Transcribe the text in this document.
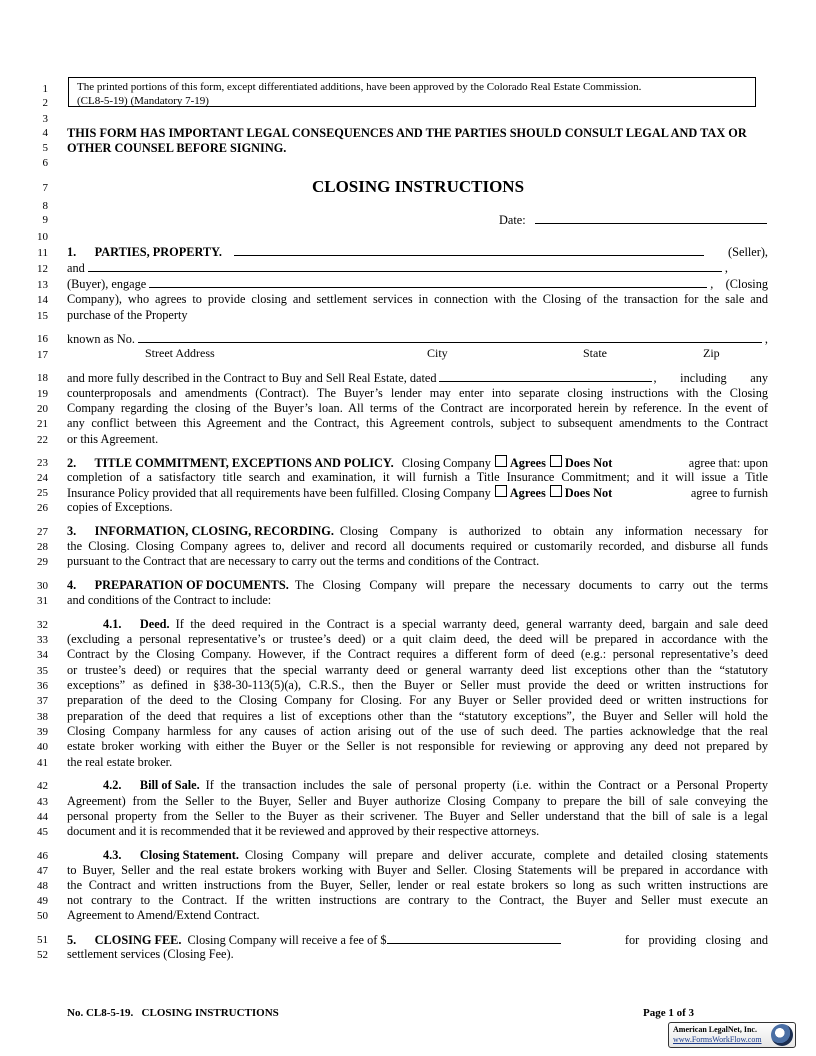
1
2
3
4
5
6
7
8
9
10
11
12
13
14
15
16
17
18
19
20
21
22
23
24
25
26
27
28
29
30
31
32
33
34
35
36
37
38
39
40
41
42
43
44
45
46
47
48
49
50
51
52
The printed portions of this form, except differentiated additions, have been approved by the Colorado Real Estate Commission.
(CL8-5-19) (Mandatory 7-19)
THIS FORM HAS IMPORTANT LEGAL CONSEQUENCES AND THE PARTIES SHOULD CONSULT LEGAL AND TAX OR
OTHER COUNSEL BEFORE SIGNING.
CLOSING INSTRUCTIONS
Date:
1.      PARTIES, PROPERTY.	(Seller),
and	,
(Buyer), engage	,    (Closing
Company), who agrees to provide closing and settlement services in connection with the Closing of the transaction for the sale and
purchase of the Property
known as No.	,
Street Address	City	State	Zip
and more fully described in the Contract to Buy and Sell Real Estate, dated	,  including  any
counterproposals and amendments (Contract). The Buyer’s lender may enter into separate closing instructions with the Closing
Company regarding the closing of the Buyer’s loan. All terms of the Contract are incorporated herein by reference. In the event of
any conflict between this Agreement and the Contract, this Agreement controls, subject to subsequent amendments to the Contract
or this Agreement.
2.      TITLE COMMITMENT, EXCEPTIONS AND POLICY. Closing Company Agrees Does Not	agree that: upon
completion of a satisfactory title search and examination, it will furnish a Title Insurance Commitment; and it will issue a Title
Insurance Policy provided that all requirements have been fulfilled. Closing Company Agrees Does Not	agree to furnish
copies of Exceptions.
3.      INFORMATION, CLOSING, RECORDING. Closing Company is authorized to obtain any information necessary for
the Closing. Closing Company agrees to, deliver and record all documents required or customarily recorded, and disburse all funds
pursuant to the Contract that are necessary to carry out the terms and conditions of the Contract.
4.      PREPARATION OF DOCUMENTS. The Closing Company will prepare the necessary documents to carry out the terms
and conditions of the Contract to include:
4.1.      Deed. If the deed required in the Contract is a special warranty deed, general warranty deed, bargain and sale deed
(excluding a personal representative’s or trustee’s deed) or a quit claim deed, the deed will be prepared in accordance with the
Contract by the Closing Company. However, if the Contract requires a different form of deed (e.g.: personal representative’s deed
or trustee’s deed) or requires that the special warranty deed or general warranty deed list exceptions other than the “statutory
exceptions” as defined in §38-30-113(5)(a), C.R.S., then the Buyer or Seller must provide the deed or written instructions for
preparation of the deed to the Closing Company for Closing. For any Buyer or Seller provided deed or written instructions for
preparation of the deed that requires a list of exceptions other than the “statutory exceptions”, the Buyer and Seller will hold the
Closing Company harmless for any causes of action arising out of the use of such deed. The parties acknowledge that the real
estate broker working with either the Buyer or the Seller is not responsible for reviewing or approving any deed not prepared by
the real estate broker.
4.2.      Bill of Sale. If the transaction includes the sale of personal property (i.e. within the Contract or a Personal Property
Agreement) from the Seller to the Buyer, Seller and Buyer authorize Closing Company to prepare the bill of sale conveying the
personal property from the Seller to the Buyer as their scrivener. The Buyer and Seller understand that the bill of sale is a legal
document and it is recommended that it be reviewed and approved by their respective attorneys.
4.3.      Closing Statement. Closing Company will prepare and deliver accurate, complete and detailed closing statements
to Buyer, Seller and the real estate brokers working with Buyer and Seller. Closing Statements will be prepared in accordance with
the Contract and written instructions from the Buyer, Seller, lender or real estate brokers so long as such written instructions are
not contrary to the Contract. If the written instructions are contrary to the Contract, the Buyer and Seller must execute an
Agreement to Amend/Extend Contract.
5.      CLOSING FEE. Closing Company will receive a fee of $	for   providing   closing   and
settlement services (Closing Fee).
No. CL8-5-19.   CLOSING INSTRUCTIONS	Page 1 of 3
American LegalNet, Inc.
www.FormsWorkFlow.com
